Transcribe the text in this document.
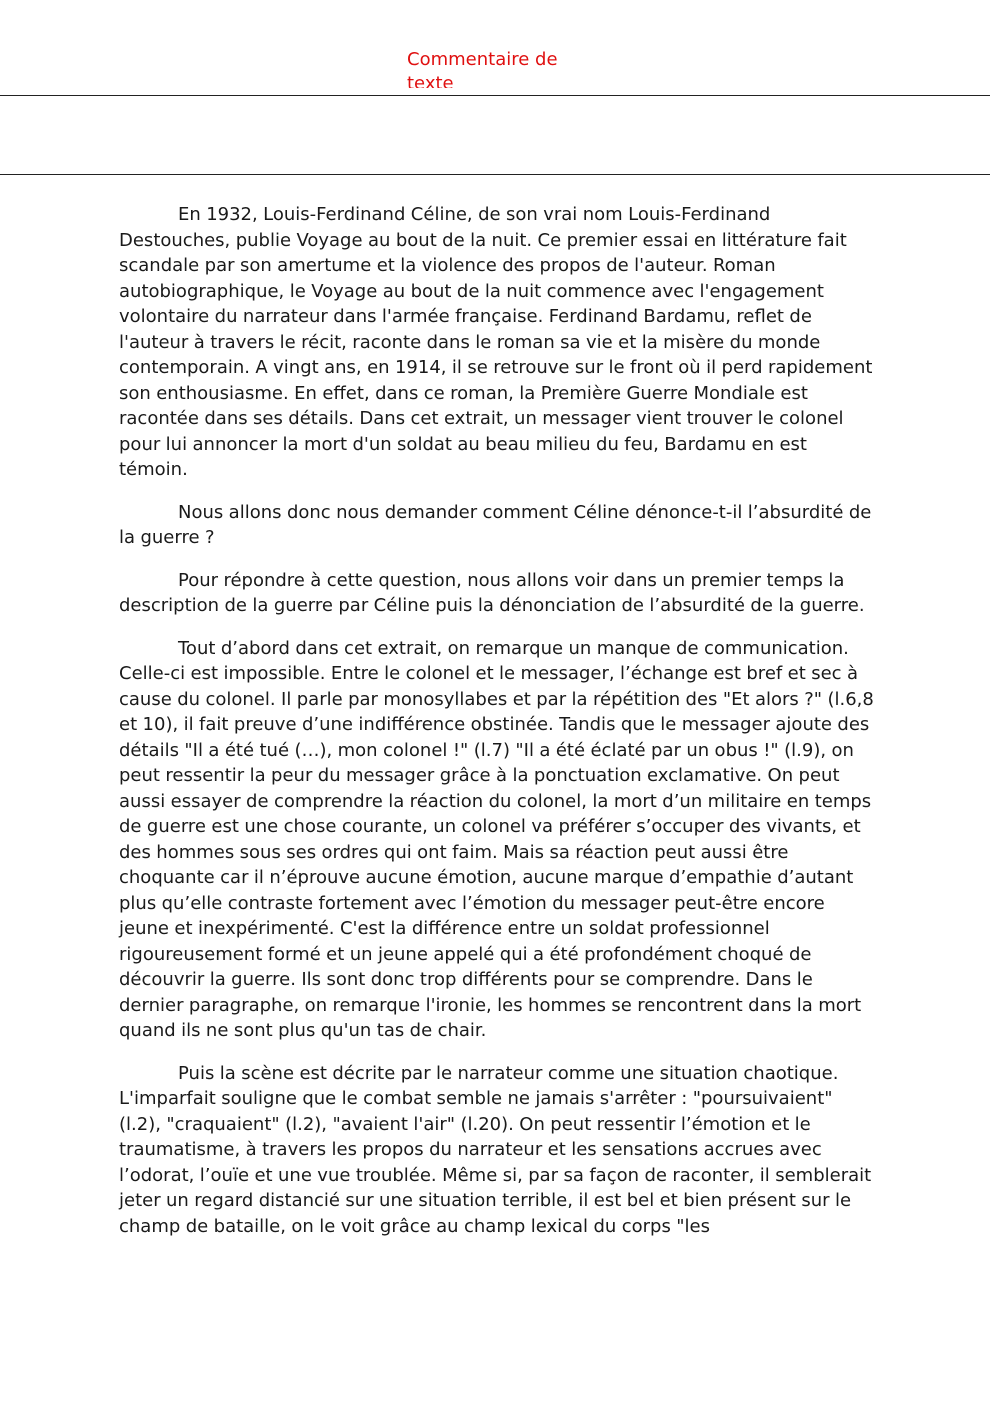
Commentaire de texte

En 1932, Louis-Ferdinand Céline, de son vrai nom Louis-Ferdinand Destouches, publie Voyage au bout de la nuit. Ce premier essai en littérature fait scandale par son amertume et la violence des propos de l'auteur. Roman autobiographique, le Voyage au bout de la nuit commence avec l'engagement volontaire du narrateur dans l'armée française. Ferdinand Bardamu, reflet de l'auteur à travers le récit, raconte dans le roman sa vie et la misère du monde contemporain. A vingt ans, en 1914, il se retrouve sur le front où il perd rapidement son enthousiasme. En effet, dans ce roman, la Première Guerre Mondiale est racontée dans ses détails. Dans cet extrait, un messager vient trouver le colonel pour lui annoncer la mort d'un soldat au beau milieu du feu, Bardamu en est témoin.

Nous allons donc nous demander comment Céline dénonce-t-il l’absurdité de la guerre ?

Pour répondre à cette question, nous allons voir dans un premier temps la description de la guerre par Céline puis la dénonciation de l’absurdité de la guerre.

Tout d’abord dans cet extrait, on remarque un manque de communication. Celle-ci est impossible. Entre le colonel et le messager, l’échange est bref et sec à cause du colonel. Il parle par monosyllabes et par la répétition des "Et alors ?" (l.6,8 et 10), il fait preuve d’une indifférence obstinée. Tandis que le messager ajoute des détails "Il a été tué (…), mon colonel !" (l.7) "Il a été éclaté par un obus !" (l.9), on peut ressentir la peur du messager grâce à la ponctuation exclamative. On peut aussi essayer de comprendre la réaction du colonel, la mort d’un militaire en temps de guerre est une chose courante, un colonel va préférer s’occuper des vivants, et des hommes sous ses ordres qui ont faim. Mais sa réaction peut aussi être choquante car il n’éprouve aucune émotion, aucune marque d’empathie d’autant plus qu’elle contraste fortement avec l’émotion du messager peut-être encore jeune et inexpérimenté. C'est la différence entre un soldat professionnel rigoureusement formé et un jeune appelé qui a été profondément choqué de découvrir la guerre. Ils sont donc trop différents pour se comprendre. Dans le dernier paragraphe, on remarque l'ironie, les hommes se rencontrent dans la mort quand ils ne sont plus qu'un tas de chair.

Puis la scène est décrite par le narrateur comme une situation chaotique. L'imparfait souligne que le combat semble ne jamais s'arrêter : "poursuivaient" (l.2), "craquaient" (l.2), "avaient l'air" (l.20). On peut ressentir l’émotion et le traumatisme, à travers les propos du narrateur et les sensations accrues avec l’odorat, l’ouïe et une vue troublée. Même si, par sa façon de raconter, il semblerait jeter un regard distancié sur une situation terrible, il est bel et bien présent sur le champ de bataille, on le voit grâce au champ lexical du corps "les
